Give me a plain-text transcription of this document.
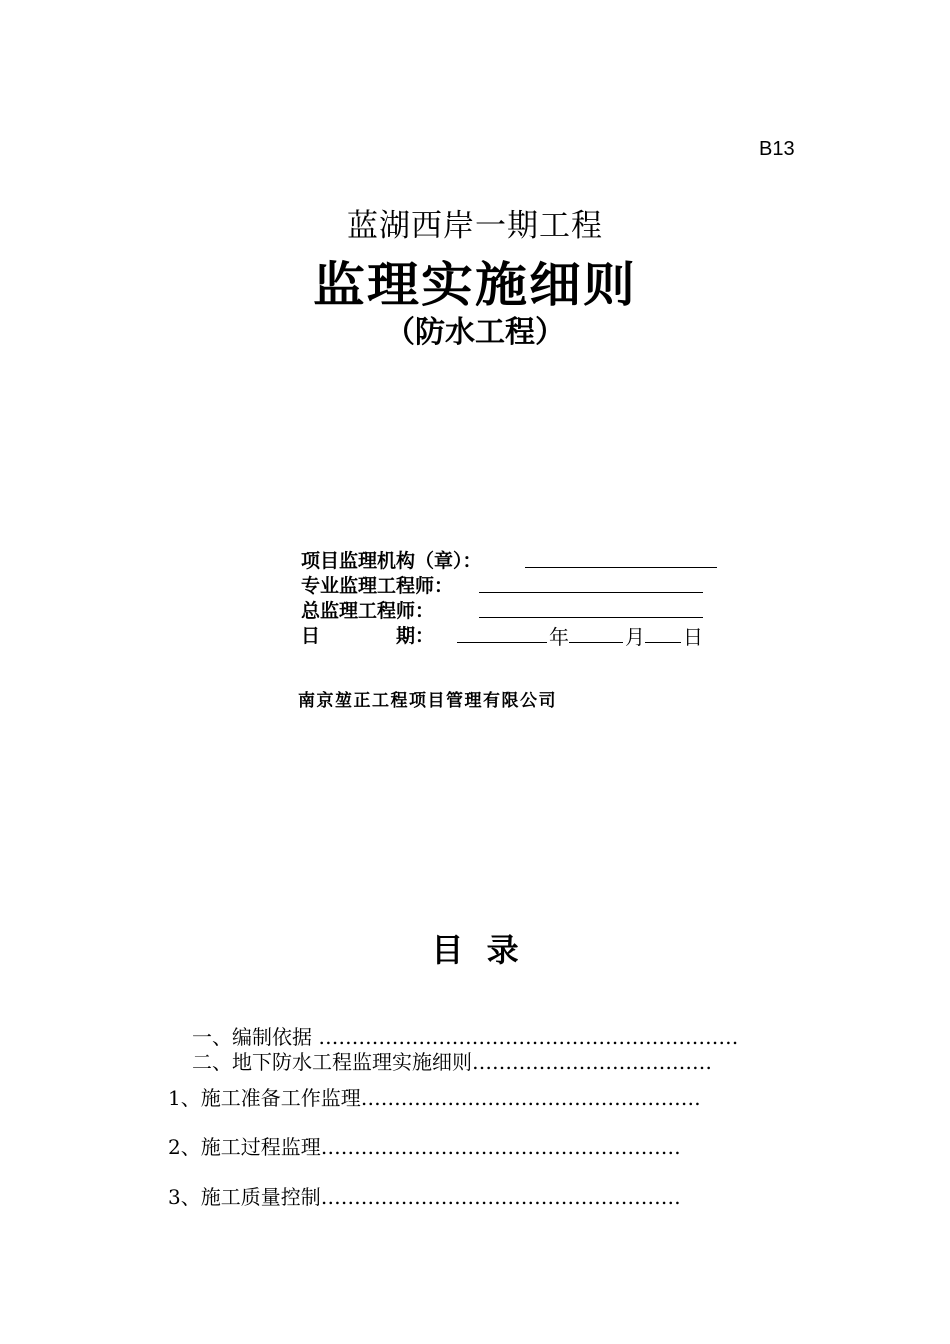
B13
蓝湖西岸一期工程
监理实施细则
（防水工程）
项目监理机构（章）：
专业监理工程师：
总监理工程师：
日　　　　期：	年	月 日
南京堃正工程项目管理有限公司
目 录
一、编制依据 ………………………………………………………
二、地下防水工程监理实施细则………………………………
1、施工准备工作监理……………………………………………
2、施工过程监理………………………………………………
3、施工质量控制………………………………………………
